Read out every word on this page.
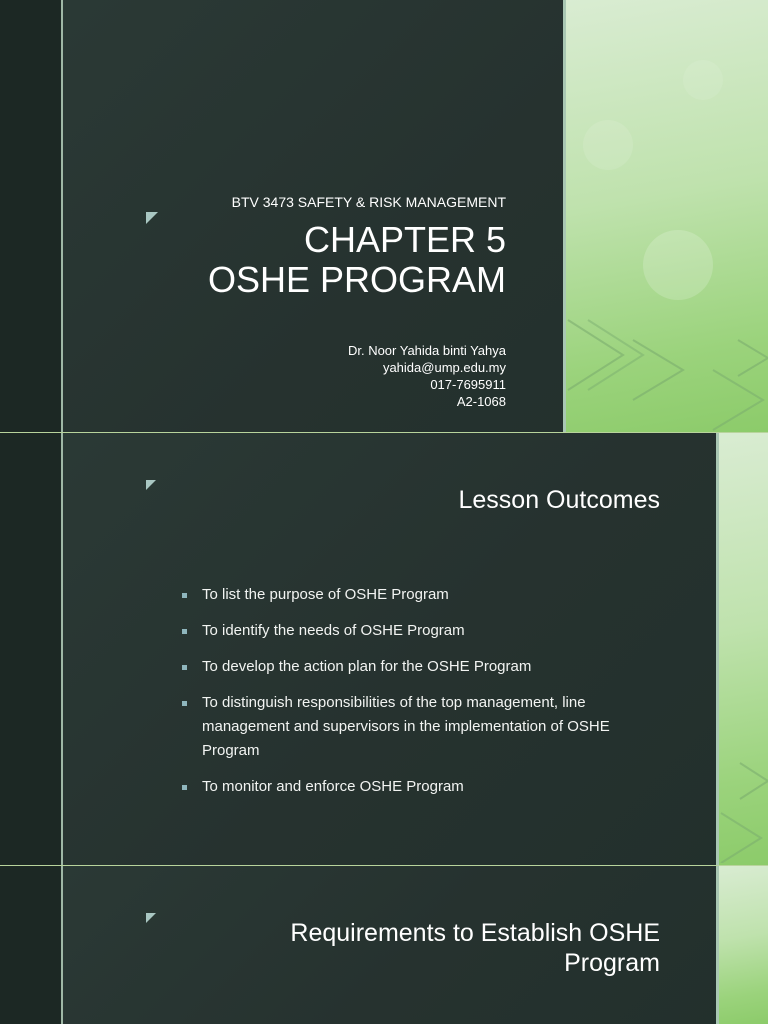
BTV 3473 SAFETY & RISK MANAGEMENT
CHAPTER 5
OSHE PROGRAM
Dr. Noor Yahida binti Yahya
yahida@ump.edu.my
017-7695911
A2-1068
Lesson Outcomes
To list the purpose of OSHE Program
To identify the needs of OSHE Program
To develop the action plan for the OSHE Program
To distinguish responsibilities of the top management, line management and supervisors in the implementation of OSHE Program
To monitor and enforce OSHE Program
Requirements to Establish OSHE
Program
